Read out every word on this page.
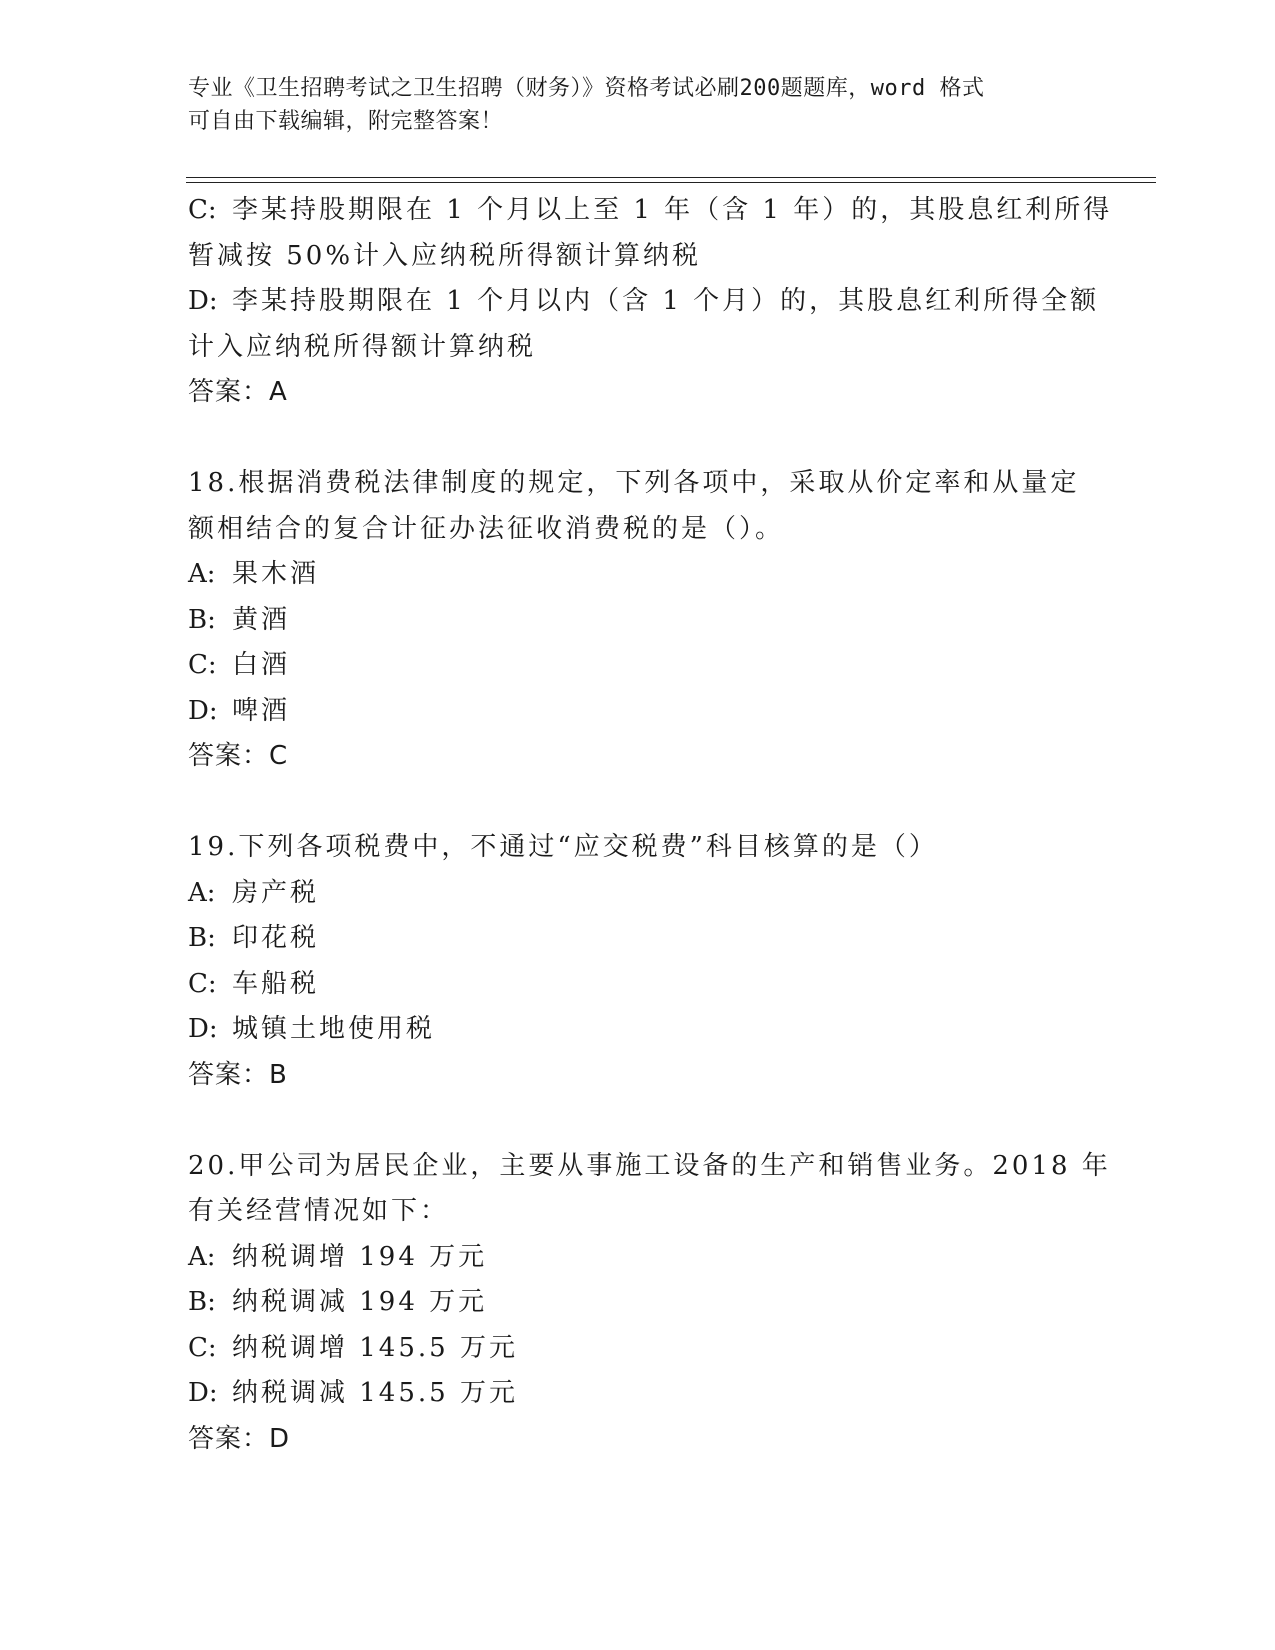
专业《卫生招聘考试之卫生招聘（财务）》资格考试必刷200题题库，word 格式
可自由下载编辑，附完整答案！

C: 李某持股期限在 1 个月以上至 1 年（含 1 年）的，其股息红利所得

暂减按 50%计入应纳税所得额计算纳税

D: 李某持股期限在 1 个月以内（含 1 个月）的，其股息红利所得全额

计入应纳税所得额计算纳税

答案：A

18.根据消费税法律制度的规定，下列各项中，采取从价定率和从量定

额相结合的复合计征办法征收消费税的是（）。

A: 果木酒

B: 黄酒

C: 白酒

D: 啤酒

答案：C

19.下列各项税费中，不通过“应交税费”科目核算的是（）

A: 房产税

B: 印花税

C: 车船税

D: 城镇土地使用税

答案：B

20.甲公司为居民企业，主要从事施工设备的生产和销售业务。2018 年

有关经营情况如下：

A: 纳税调增 194 万元

B: 纳税调减 194 万元

C: 纳税调增 145.5 万元

D: 纳税调减 145.5 万元

答案：D
